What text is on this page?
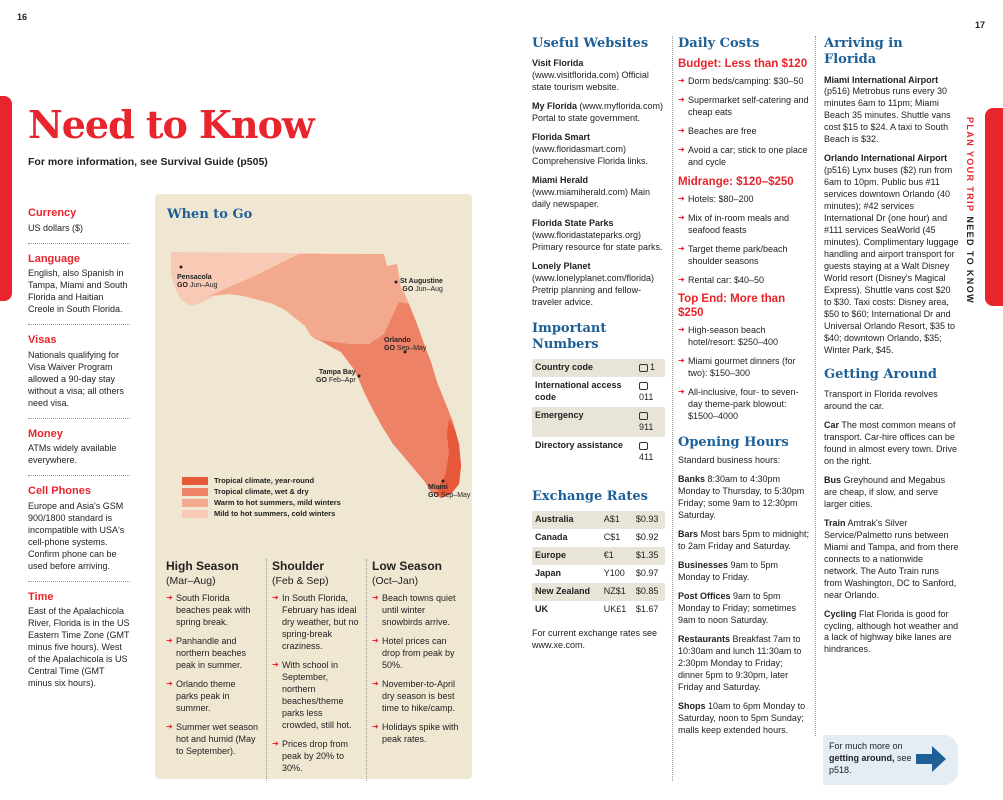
16
17
PLAN YOUR TRIP NEED TO KNOW
Need to Know
For more information, see Survival Guide (p505)
Currency
US dollars ($)
Language
English, also Spanish in Tampa, Miami and South Florida and Haitian Creole in South Florida.
Visas
Nationals qualifying for Visa Waiver Program allowed a 90-day stay without a visa; all others need visa.
Money
ATMs widely available everywhere.
Cell Phones
Europe and Asia's GSM 900/1800 standard is incompatible with USA's cell-phone systems. Confirm phone can be used before arriving.
Time
East of the Apalachicola River, Florida is in the US Eastern Time Zone (GMT minus five hours). West of the Apalachicola is US Central Time (GMT minus six hours).
When to Go
Pensacola
GO Jun–Aug
St Augustine
GO Jun–Aug
Orlando
GO Sep–May
Tampa Bay
GO Feb–Apr
Miami
GO Sep–May
Tropical climate, year-round
Tropical climate, wet & dry
Warm to hot summers, mild winters
Mild to hot summers, cold winters
High Season
(Mar–Aug)
➜ South Florida beaches peak with spring break.
➜ Panhandle and northern beaches peak in summer.
➜ Orlando theme parks peak in summer.
➜ Summer wet season hot and humid (May to September).
Shoulder
(Feb & Sep)
➜ In South Florida, February has ideal dry weather, but no spring-break craziness.
➜ With school in September, northern beaches/theme parks less crowded, still hot.
➜ Prices drop from peak by 20% to 30%.
Low Season
(Oct–Jan)
➜ Beach towns quiet until winter snowbirds arrive.
➜ Hotel prices can drop from peak by 50%.
➜ November-to-April dry season is best time to hike/camp.
➜ Holidays spike with peak rates.
Useful Websites
Visit Florida (www.visitflorida.com) Official state tourism website.
My Florida (www.myflorida.com) Portal to state government.
Florida Smart (www.floridasmart.com) Comprehensive Florida links.
Miami Herald (www.miamiherald.com) Main daily newspaper.
Florida State Parks (www.floridastateparks.org) Primary resource for state parks.
Lonely Planet (www.lonelyplanet.com/florida) Pretrip planning and fellow-traveler advice.
Important Numbers
Country code	1
International access code	011
Emergency	911
Directory assistance	411
Exchange Rates
Australia	A$1	$0.93
Canada	C$1	$0.92
Europe	€1	$1.35
Japan	Y100	$0.97
New Zealand	NZ$1	$0.85
UK	UK£1	$1.67
For current exchange rates see www.xe.com.
Daily Costs
Budget: Less than $120
➜ Dorm beds/camping: $30–50
➜ Supermarket self-catering and cheap eats
➜ Beaches are free
➜ Avoid a car; stick to one place and cycle
Midrange: $120–$250
➜ Hotels: $80–200
➜ Mix of in-room meals and seafood feasts
➜ Target theme park/beach shoulder seasons
➜ Rental car: $40–50
Top End: More than $250
➜ High-season beach hotel/resort: $250–400
➜ Miami gourmet dinners (for two): $150–300
➜ All-inclusive, four- to seven-day theme-park blowout: $1500–4000
Opening Hours
Standard business hours:
Banks 8:30am to 4:30pm Monday to Thursday, to 5:30pm Friday; some 9am to 12:30pm Saturday.
Bars Most bars 5pm to midnight; to 2am Friday and Saturday.
Businesses 9am to 5pm Monday to Friday.
Post Offices 9am to 5pm Monday to Friday; sometimes 9am to noon Saturday.
Restaurants Breakfast 7am to 10:30am and lunch 11:30am to 2:30pm Monday to Friday; dinner 5pm to 9:30pm, later Friday and Saturday.
Shops 10am to 6pm Monday to Saturday, noon to 5pm Sunday; malls keep extended hours.
Arriving in Florida
Miami International Airport (p516) Metrobus runs every 30 minutes 6am to 11pm; Miami Beach 35 minutes. Shuttle vans cost $15 to $24. A taxi to South Beach is $32.
Orlando International Airport (p516) Lynx buses ($2) run from 6am to 10pm. Public bus #11 services downtown Orlando (40 minutes); #42 services International Dr (one hour) and #111 services SeaWorld (45 minutes). Complimentary luggage handling and airport transport for guests staying at a Walt Disney World resort (Disney's Magical Express). Shuttle vans cost $20 to $30. Taxi costs: Disney area, $50 to $60; International Dr and Universal Orlando Resort, $35 to $40; downtown Orlando, $35; Winter Park, $45.
Getting Around
Transport in Florida revolves around the car.
Car The most common means of transport. Car-hire offices can be found in almost every town. Drive on the right.
Bus Greyhound and Megabus are cheap, if slow, and serve larger cities.
Train Amtrak's Silver Service/Palmetto runs between Miami and Tampa, and from there connects to a nationwide network. The Auto Train runs from Washington, DC to Sanford, near Orlando.
Cycling Flat Florida is good for cycling, although hot weather and a lack of highway bike lanes are hindrances.
For much more on getting around, see p518.
